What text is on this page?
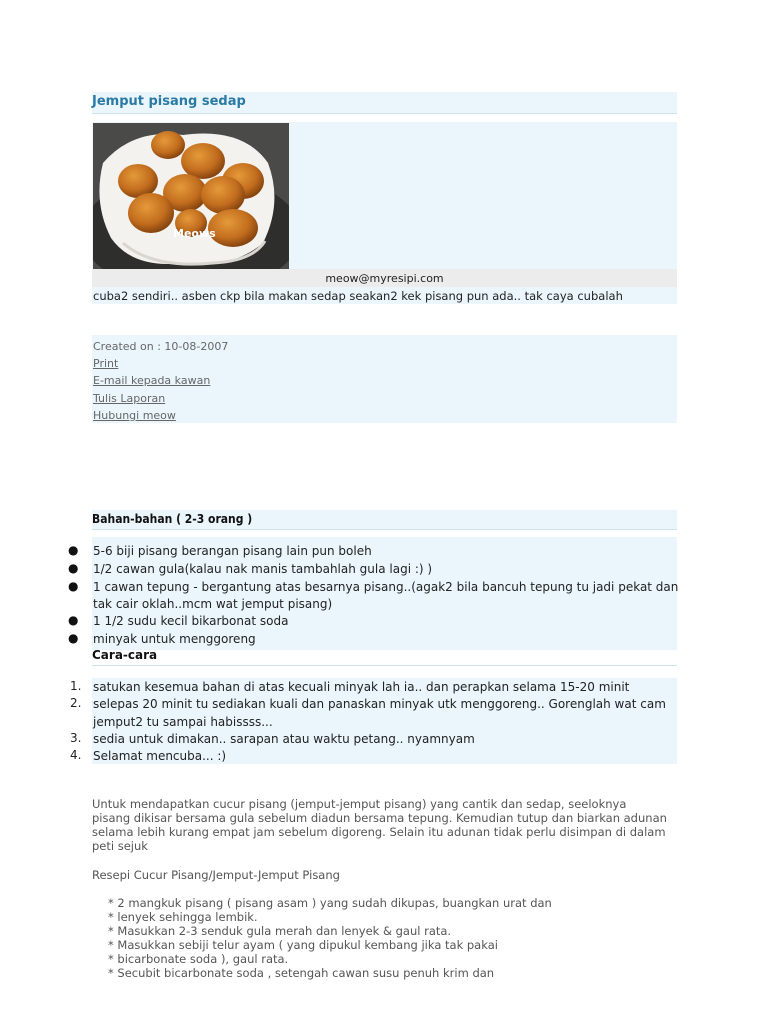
Jemput pisang sedap
Meows
meow@myresipi.com
cuba2 sendiri.. asben ckp bila makan sedap seakan2 kek pisang pun ada.. tak caya cubalah
Created on : 10-08-2007
Print
E-mail kepada kawan
Tulis Laporan
Hubungi meow
Bahan-bahan ( 2-3 orang )
● 5-6 biji pisang berangan pisang lain pun boleh
● 1/2 cawan gula(kalau nak manis tambahlah gula lagi :) )
● 1 cawan tepung - bergantung atas besarnya pisang..(agak2 bila bancuh tepung tu jadi pekat dan
tak cair oklah..mcm wat jemput pisang)
● 1 1/2 sudu kecil bikarbonat soda
● minyak untuk menggoreng
Cara-cara
1. satukan kesemua bahan di atas kecuali minyak lah ia.. dan perapkan selama 15-20 minit
2. selepas 20 minit tu sediakan kuali dan panaskan minyak utk menggoreng.. Gorenglah wat cam
jemput2 tu sampai habissss...
3. sedia untuk dimakan.. sarapan atau waktu petang.. nyamnyam
4. Selamat mencuba... :)
Untuk mendapatkan cucur pisang (jemput-jemput pisang) yang cantik dan sedap, seeloknya
pisang dikisar bersama gula sebelum diadun bersama tepung. Kemudian tutup dan biarkan adunan
selama lebih kurang empat jam sebelum digoreng. Selain itu adunan tidak perlu disimpan di dalam
peti sejuk
Resepi Cucur Pisang/Jemput-Jemput Pisang
* 2 mangkuk pisang ( pisang asam ) yang sudah dikupas, buangkan urat dan
* lenyek sehingga lembik.
* Masukkan 2-3 senduk gula merah dan lenyek & gaul rata.
* Masukkan sebiji telur ayam ( yang dipukul kembang jika tak pakai
* bicarbonate soda ), gaul rata.
* Secubit bicarbonate soda , setengah cawan susu penuh krim dan
